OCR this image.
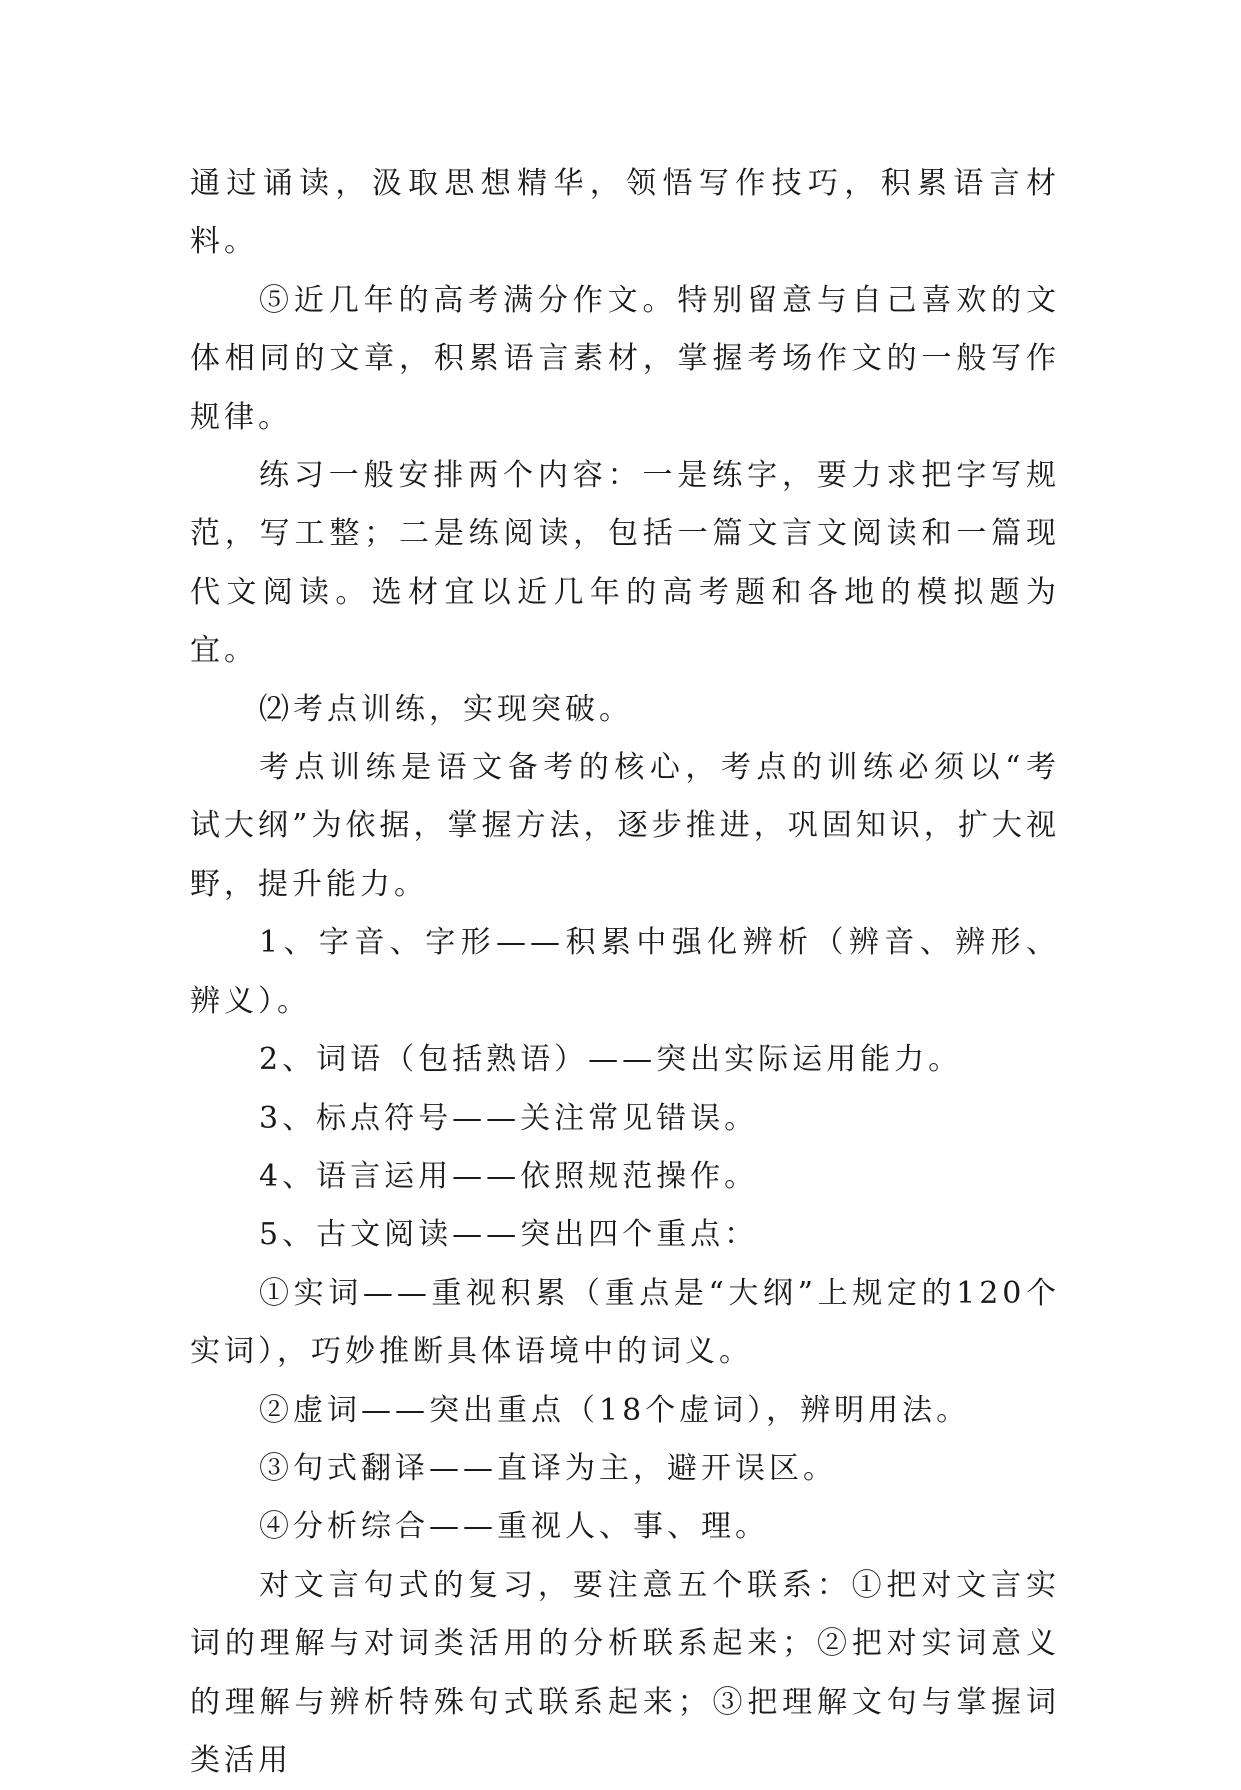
通过诵读，汲取思想精华，领悟写作技巧，积累语言材料。

⑤近几年的高考满分作文。特别留意与自己喜欢的文体相同的文章，积累语言素材，掌握考场作文的一般写作规律。

练习一般安排两个内容：一是练字，要力求把字写规范，写工整；二是练阅读，包括一篇文言文阅读和一篇现代文阅读。选材宜以近几年的高考题和各地的模拟题为宜。

⑵考点训练，实现突破。

考点训练是语文备考的核心，考点的训练必须以“考试大纲”为依据，掌握方法，逐步推进，巩固知识，扩大视野，提升能力。

1、字音、字形——积累中强化辨析（辨音、辨形、辨义）。

2、词语（包括熟语）——突出实际运用能力。

3、标点符号——关注常见错误。

4、语言运用——依照规范操作。

5、古文阅读——突出四个重点：

①实词——重视积累（重点是“大纲”上规定的120个实词），巧妙推断具体语境中的词义。

②虚词——突出重点（18个虚词），辨明用法。

③句式翻译——直译为主，避开误区。

④分析综合——重视人、事、理。

对文言句式的复习，要注意五个联系：①把对文言实词的理解与对词类活用的分析联系起来；②把对实词意义的理解与辨析特殊句式联系起来；③把理解文句与掌握词类活用
